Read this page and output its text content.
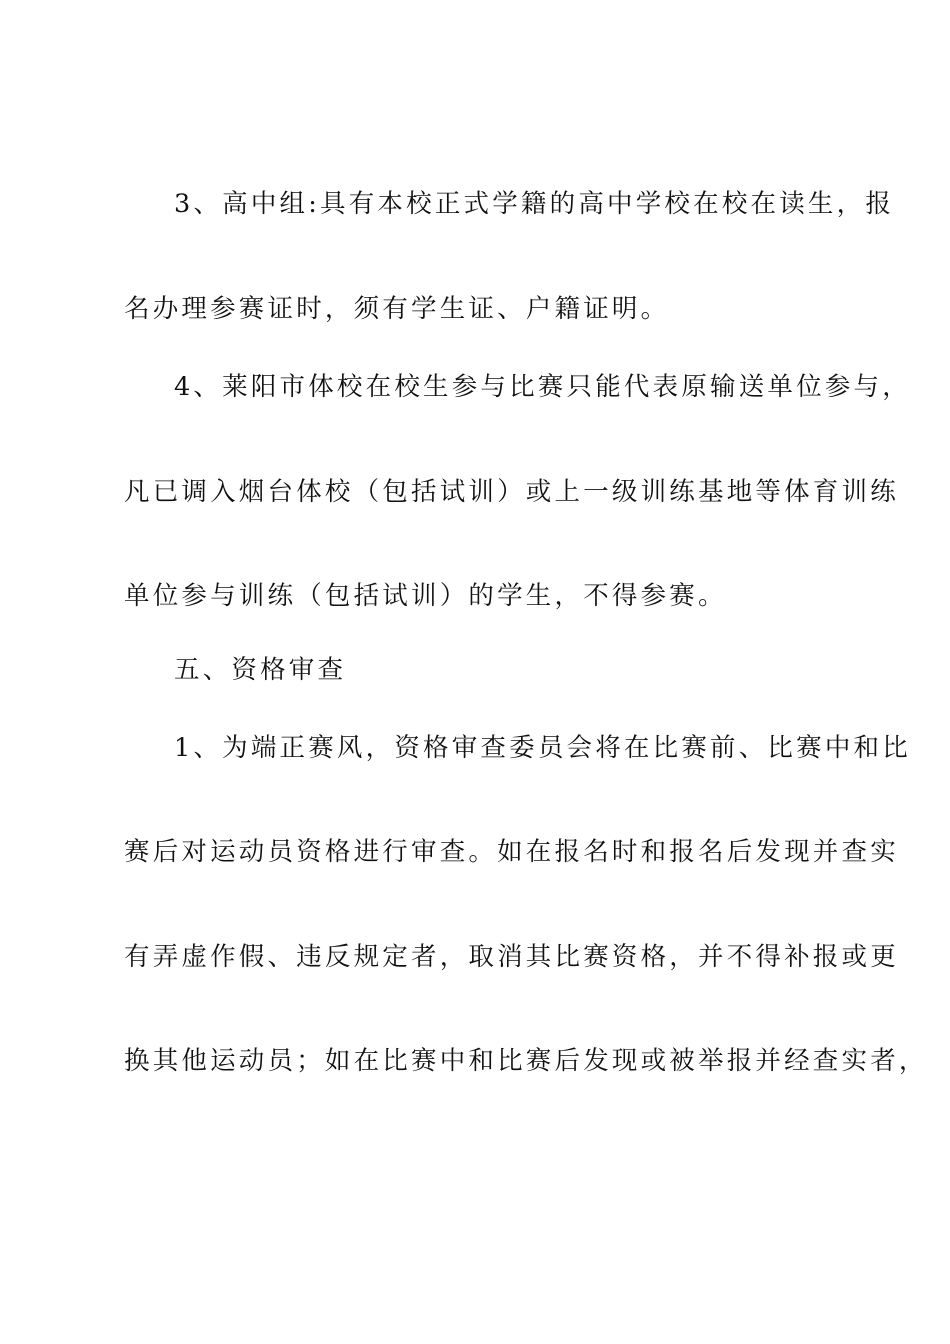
3、高中组:具有本校正式学籍的高中学校在校在读生，报
名办理参赛证时，须有学生证、户籍证明。
4、莱阳市体校在校生参与比赛只能代表原输送单位参与，
凡已调入烟台体校（包括试训）或上一级训练基地等体育训练
单位参与训练（包括试训）的学生，不得参赛。
五、资格审查
1、为端正赛风，资格审查委员会将在比赛前、比赛中和比
赛后对运动员资格进行审查。如在报名时和报名后发现并查实
有弄虚作假、违反规定者，取消其比赛资格，并不得补报或更
换其他运动员；如在比赛中和比赛后发现或被举报并经查实者，
